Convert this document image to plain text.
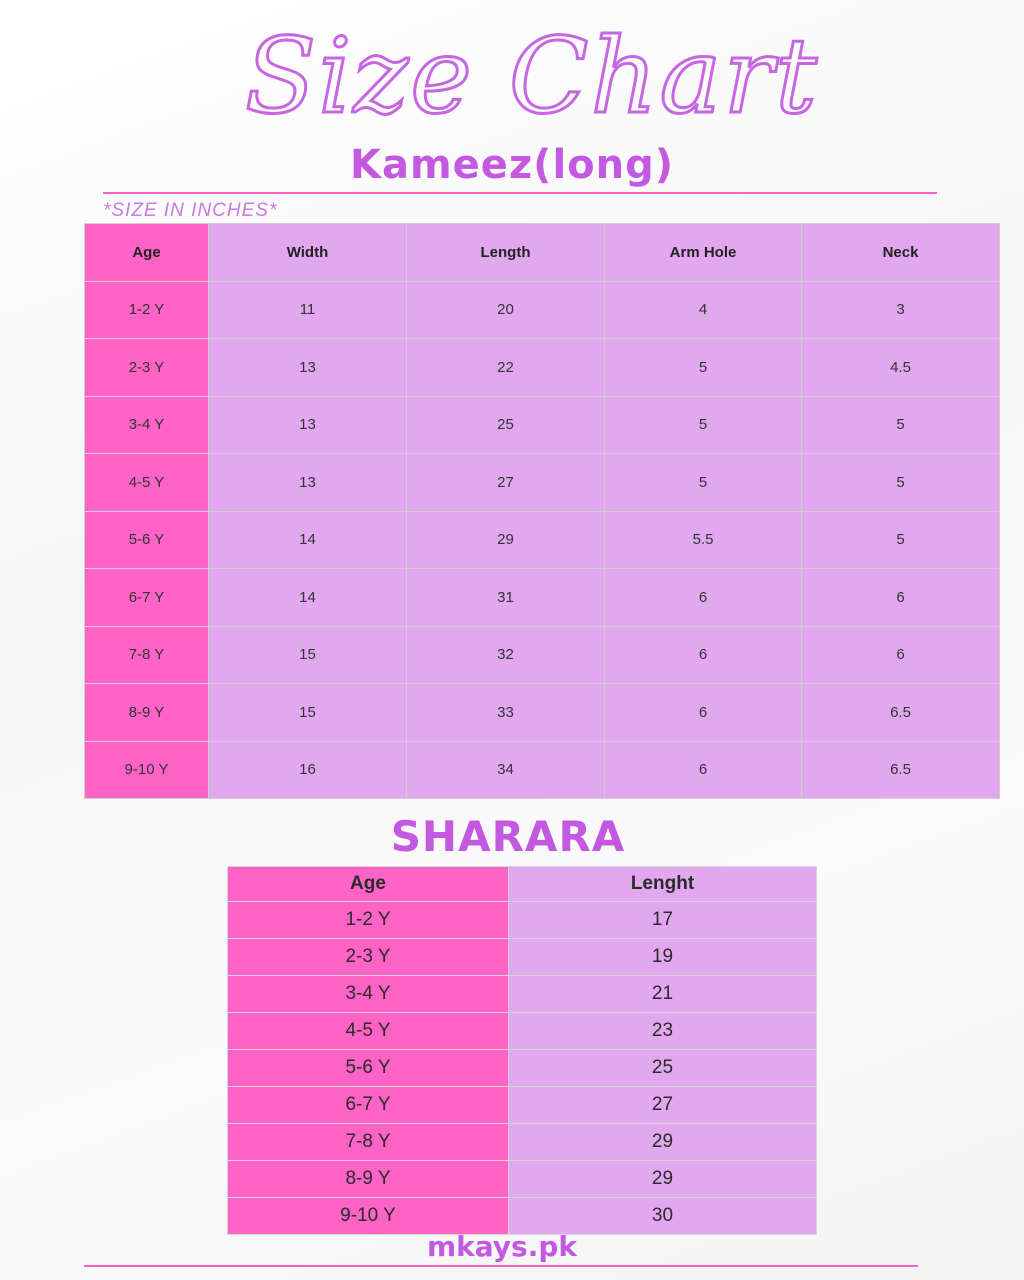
Size Chart
Kameez(long)
*SIZE IN INCHES*
Age	Width	Length	Arm Hole	Neck
1-2 Y	11	20	4	3
2-3 Y	13	22	5	4.5
3-4 Y	13	25	5	5
4-5 Y	13	27	5	5
5-6 Y	14	29	5.5	5
6-7 Y	14	31	6	6
7-8 Y	15	32	6	6
8-9 Y	15	33	6	6.5
9-10 Y	16	34	6	6.5
SHARARA
Age	Lenght
1-2 Y	17
2-3 Y	19
3-4 Y	21
4-5 Y	23
5-6 Y	25
6-7 Y	27
7-8 Y	29
8-9 Y	29
9-10 Y	30
mkays.pk
